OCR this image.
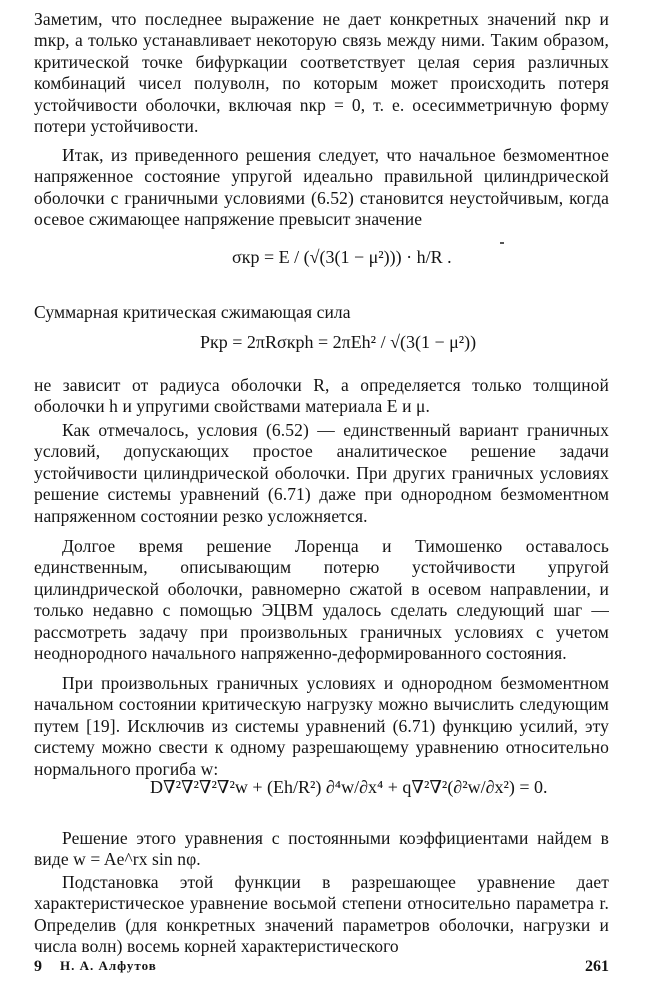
Заметим, что последнее выражение не дает конкретных значений nкр и mкр, а только устанавливает некоторую связь между ними. Таким образом, критической точке бифуркации соответствует целая серия различных комбинаций чисел полуволн, по которым может происходить потеря устойчивости оболочки, включая nкр = 0, т. е. осесимметричную форму потери устойчивости.

Итак, из приведенного решения следует, что начальное безмоментное напряженное состояние упругой идеально правильной цилиндрической оболочки с граничными условиями (6.52) становится неустойчивым, когда осевое сжимающее напряжение превысит значение

σкр = E / (√(3(1 − μ²))) · h/R .

Суммарная критическая сжимающая сила

Pкр = 2πRσкрh = 2πEh² / √(3(1 − μ²))

не зависит от радиуса оболочки R, а определяется только толщиной оболочки h и упругими свойствами материала E и μ.

Как отмечалось, условия (6.52) — единственный вариант граничных условий, допускающих простое аналитическое решение задачи устойчивости цилиндрической оболочки. При других граничных условиях решение системы уравнений (6.71) даже при однородном безмоментном напряженном состоянии резко усложняется.

Долгое время решение Лоренца и Тимошенко оставалось единственным, описывающим потерю устойчивости упругой цилиндрической оболочки, равномерно сжатой в осевом направлении, и только недавно с помощью ЭЦВМ удалось сделать следующий шаг — рассмотреть задачу при произвольных граничных условиях с учетом неоднородного начального напряженно-деформированного состояния.

При произвольных граничных условиях и однородном безмоментном начальном состоянии критическую нагрузку можно вычислить следующим путем [19]. Исключив из системы уравнений (6.71) функцию усилий, эту систему можно свести к одному разрешающему уравнению относительно нормального прогиба w:

D∇²∇²∇²∇²w + (Eh/R²) ∂⁴w/∂x⁴ + q∇²∇²(∂²w/∂x²) = 0.

Решение этого уравнения с постоянными коэффициентами найдем в виде w = Ae^rx sin nφ.

Подстановка этой функции в разрешающее уравнение дает характеристическое уравнение восьмой степени относительно параметра r. Определив (для конкретных значений параметров оболочки, нагрузки и числа волн) восемь корней характеристического

9 Н. А. Алфутов	261
